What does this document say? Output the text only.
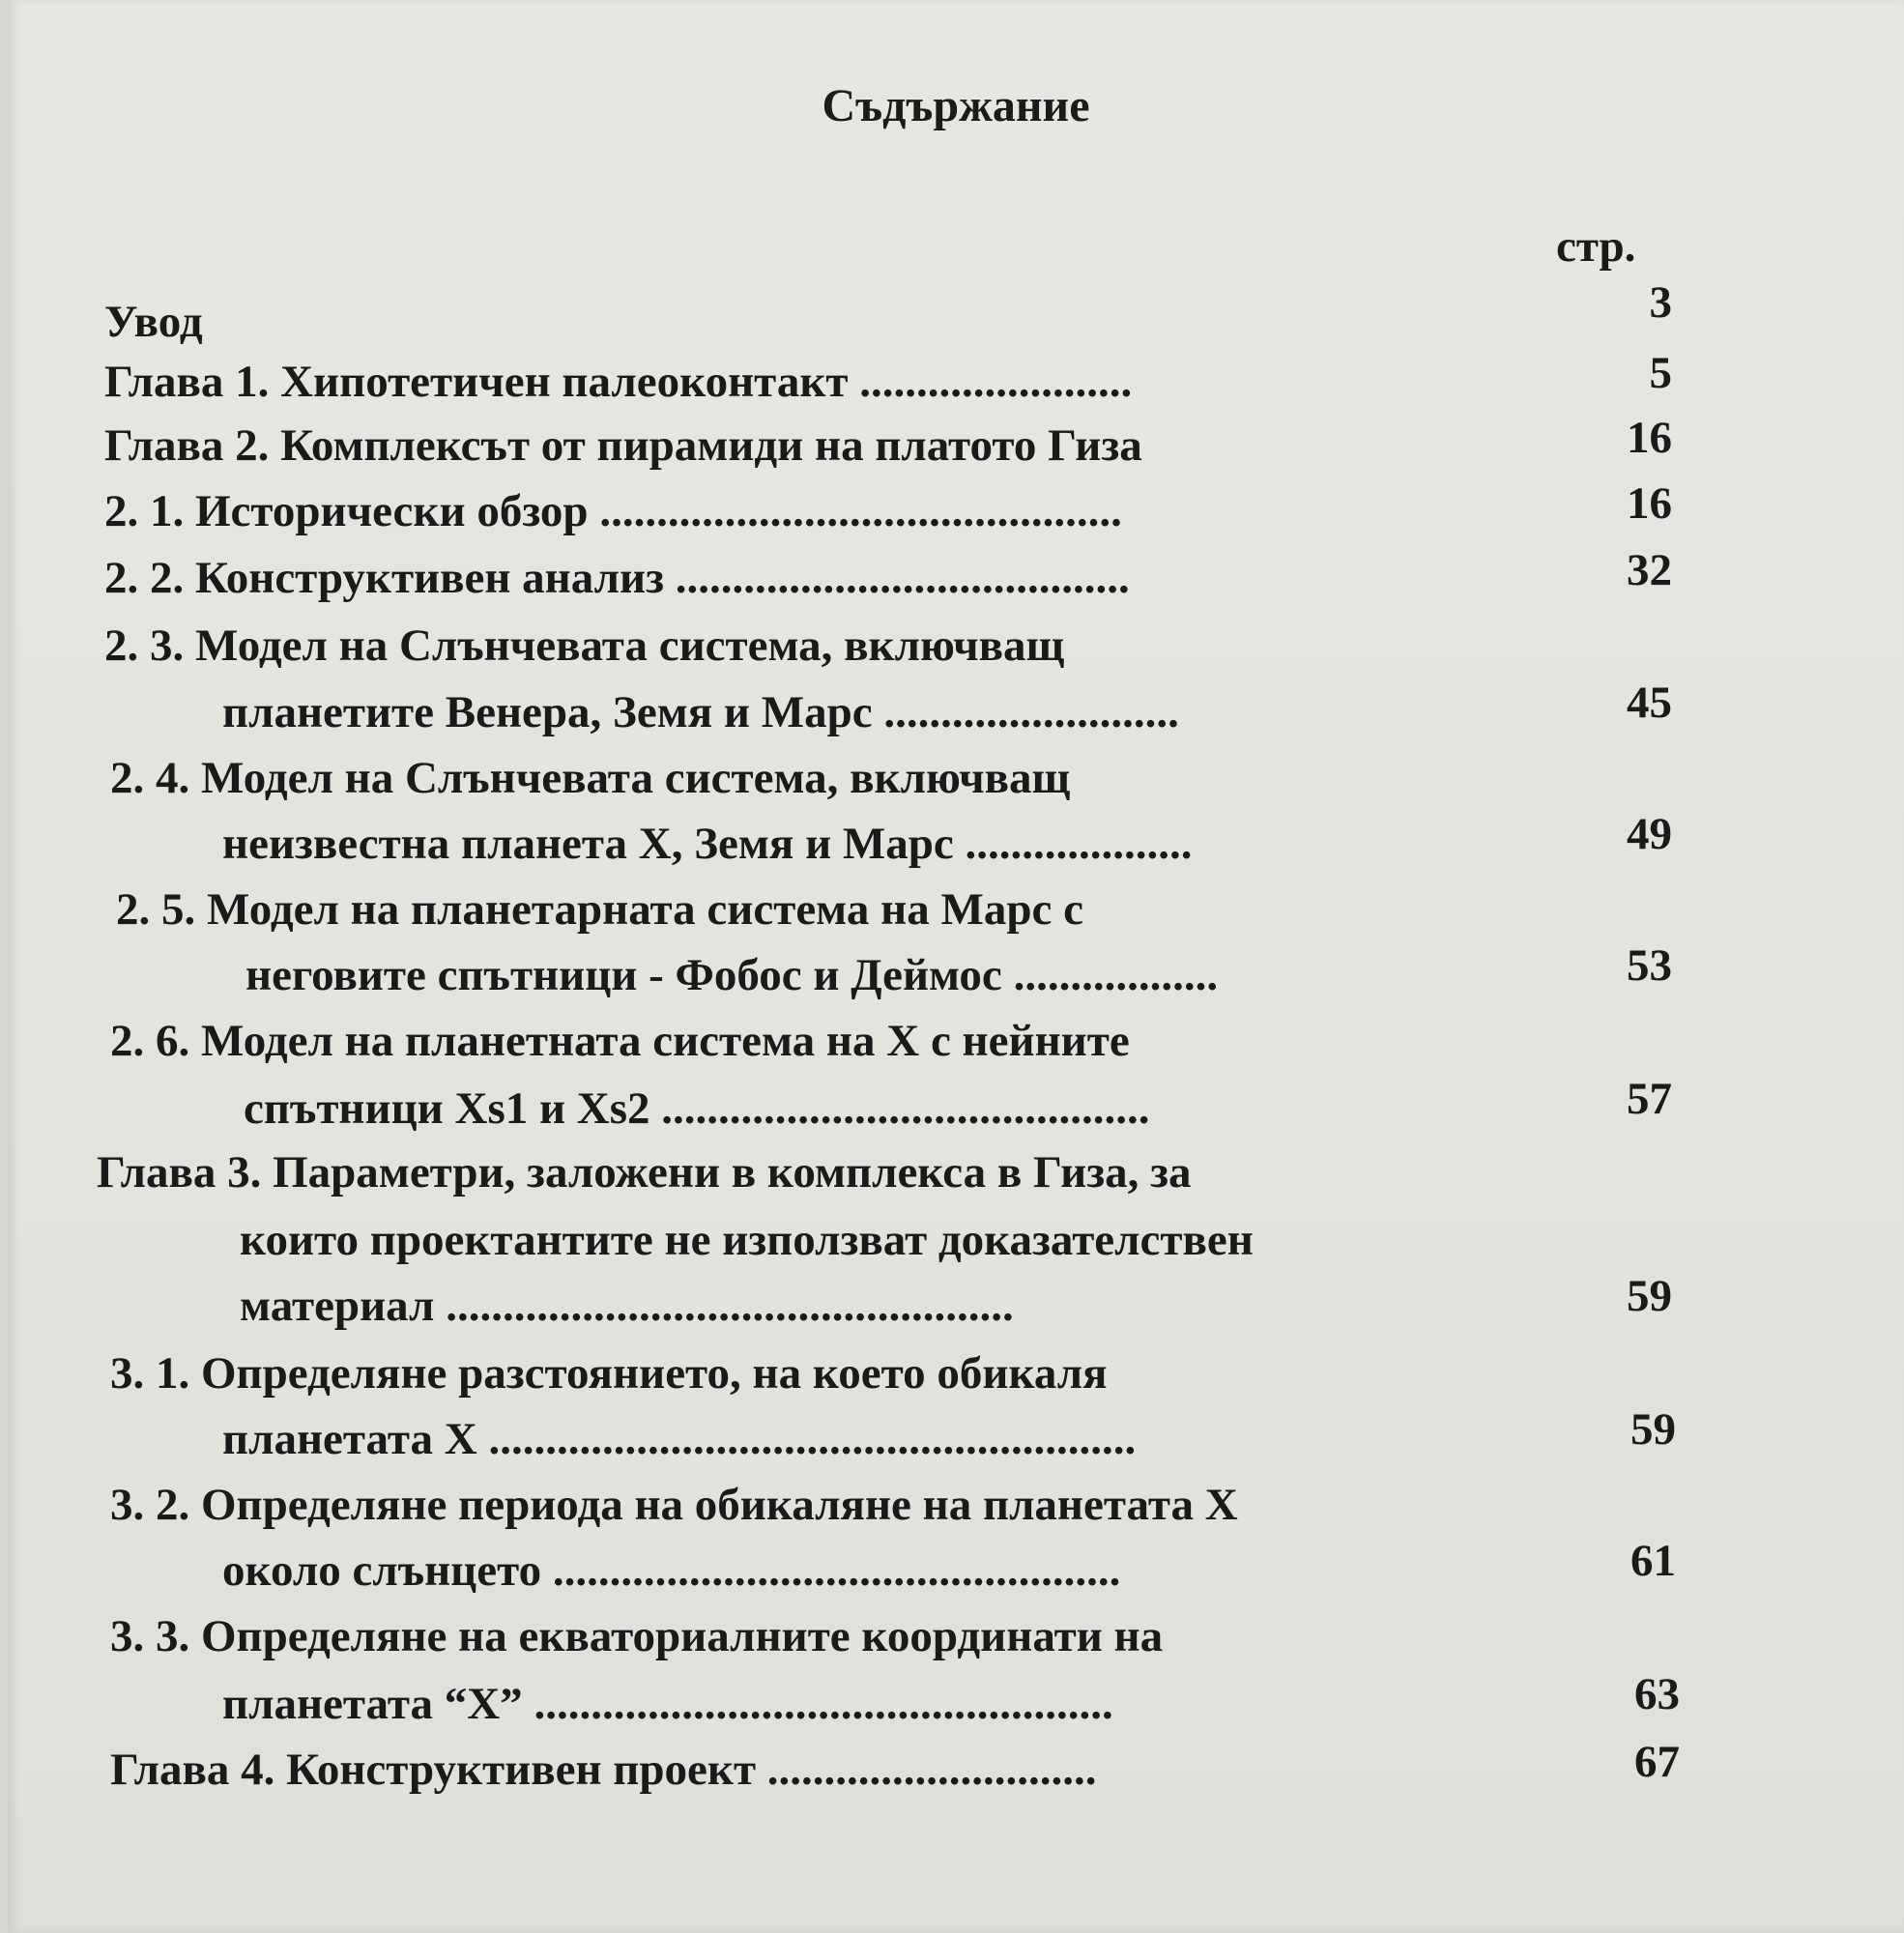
Съдържание
стр.
Увод	3
Глава 1. Хипотетичен палеоконтакт ........................	5
Глава 2. Комплексът от пирамиди на платото Гиза	16
2. 1. Исторически обзор ..............................................	16
2. 2. Конструктивен анализ ........................................	32
2. 3. Модел на Слънчевата система, включващ
планетите Венера, Земя и Марс ..........................	45
2. 4. Модел на Слънчевата система, включващ
неизвестна планета Х, Земя и Марс ....................	49
2. 5. Модел на планетарната система на Марс с
неговите спътници - Фобос и Деймос ..................	53
2. 6. Модел на планетната система на Х с нейните
спътници Xs1 и Xs2 ...........................................	57
Глава 3. Параметри, заложени в комплекса в Гиза, за
които проектантите не използват доказателствен
материал ..................................................	59
3. 1. Определяне разстоянието, на което обикаля
планетата Х .........................................................	59
3. 2. Определяне периода на обикаляне на планетата Х
около слънцето ..................................................	61
3. 3. Определяне на екваториалните координати на
планетата “Х” ...................................................	63
Глава 4. Конструктивен проект .............................	67
